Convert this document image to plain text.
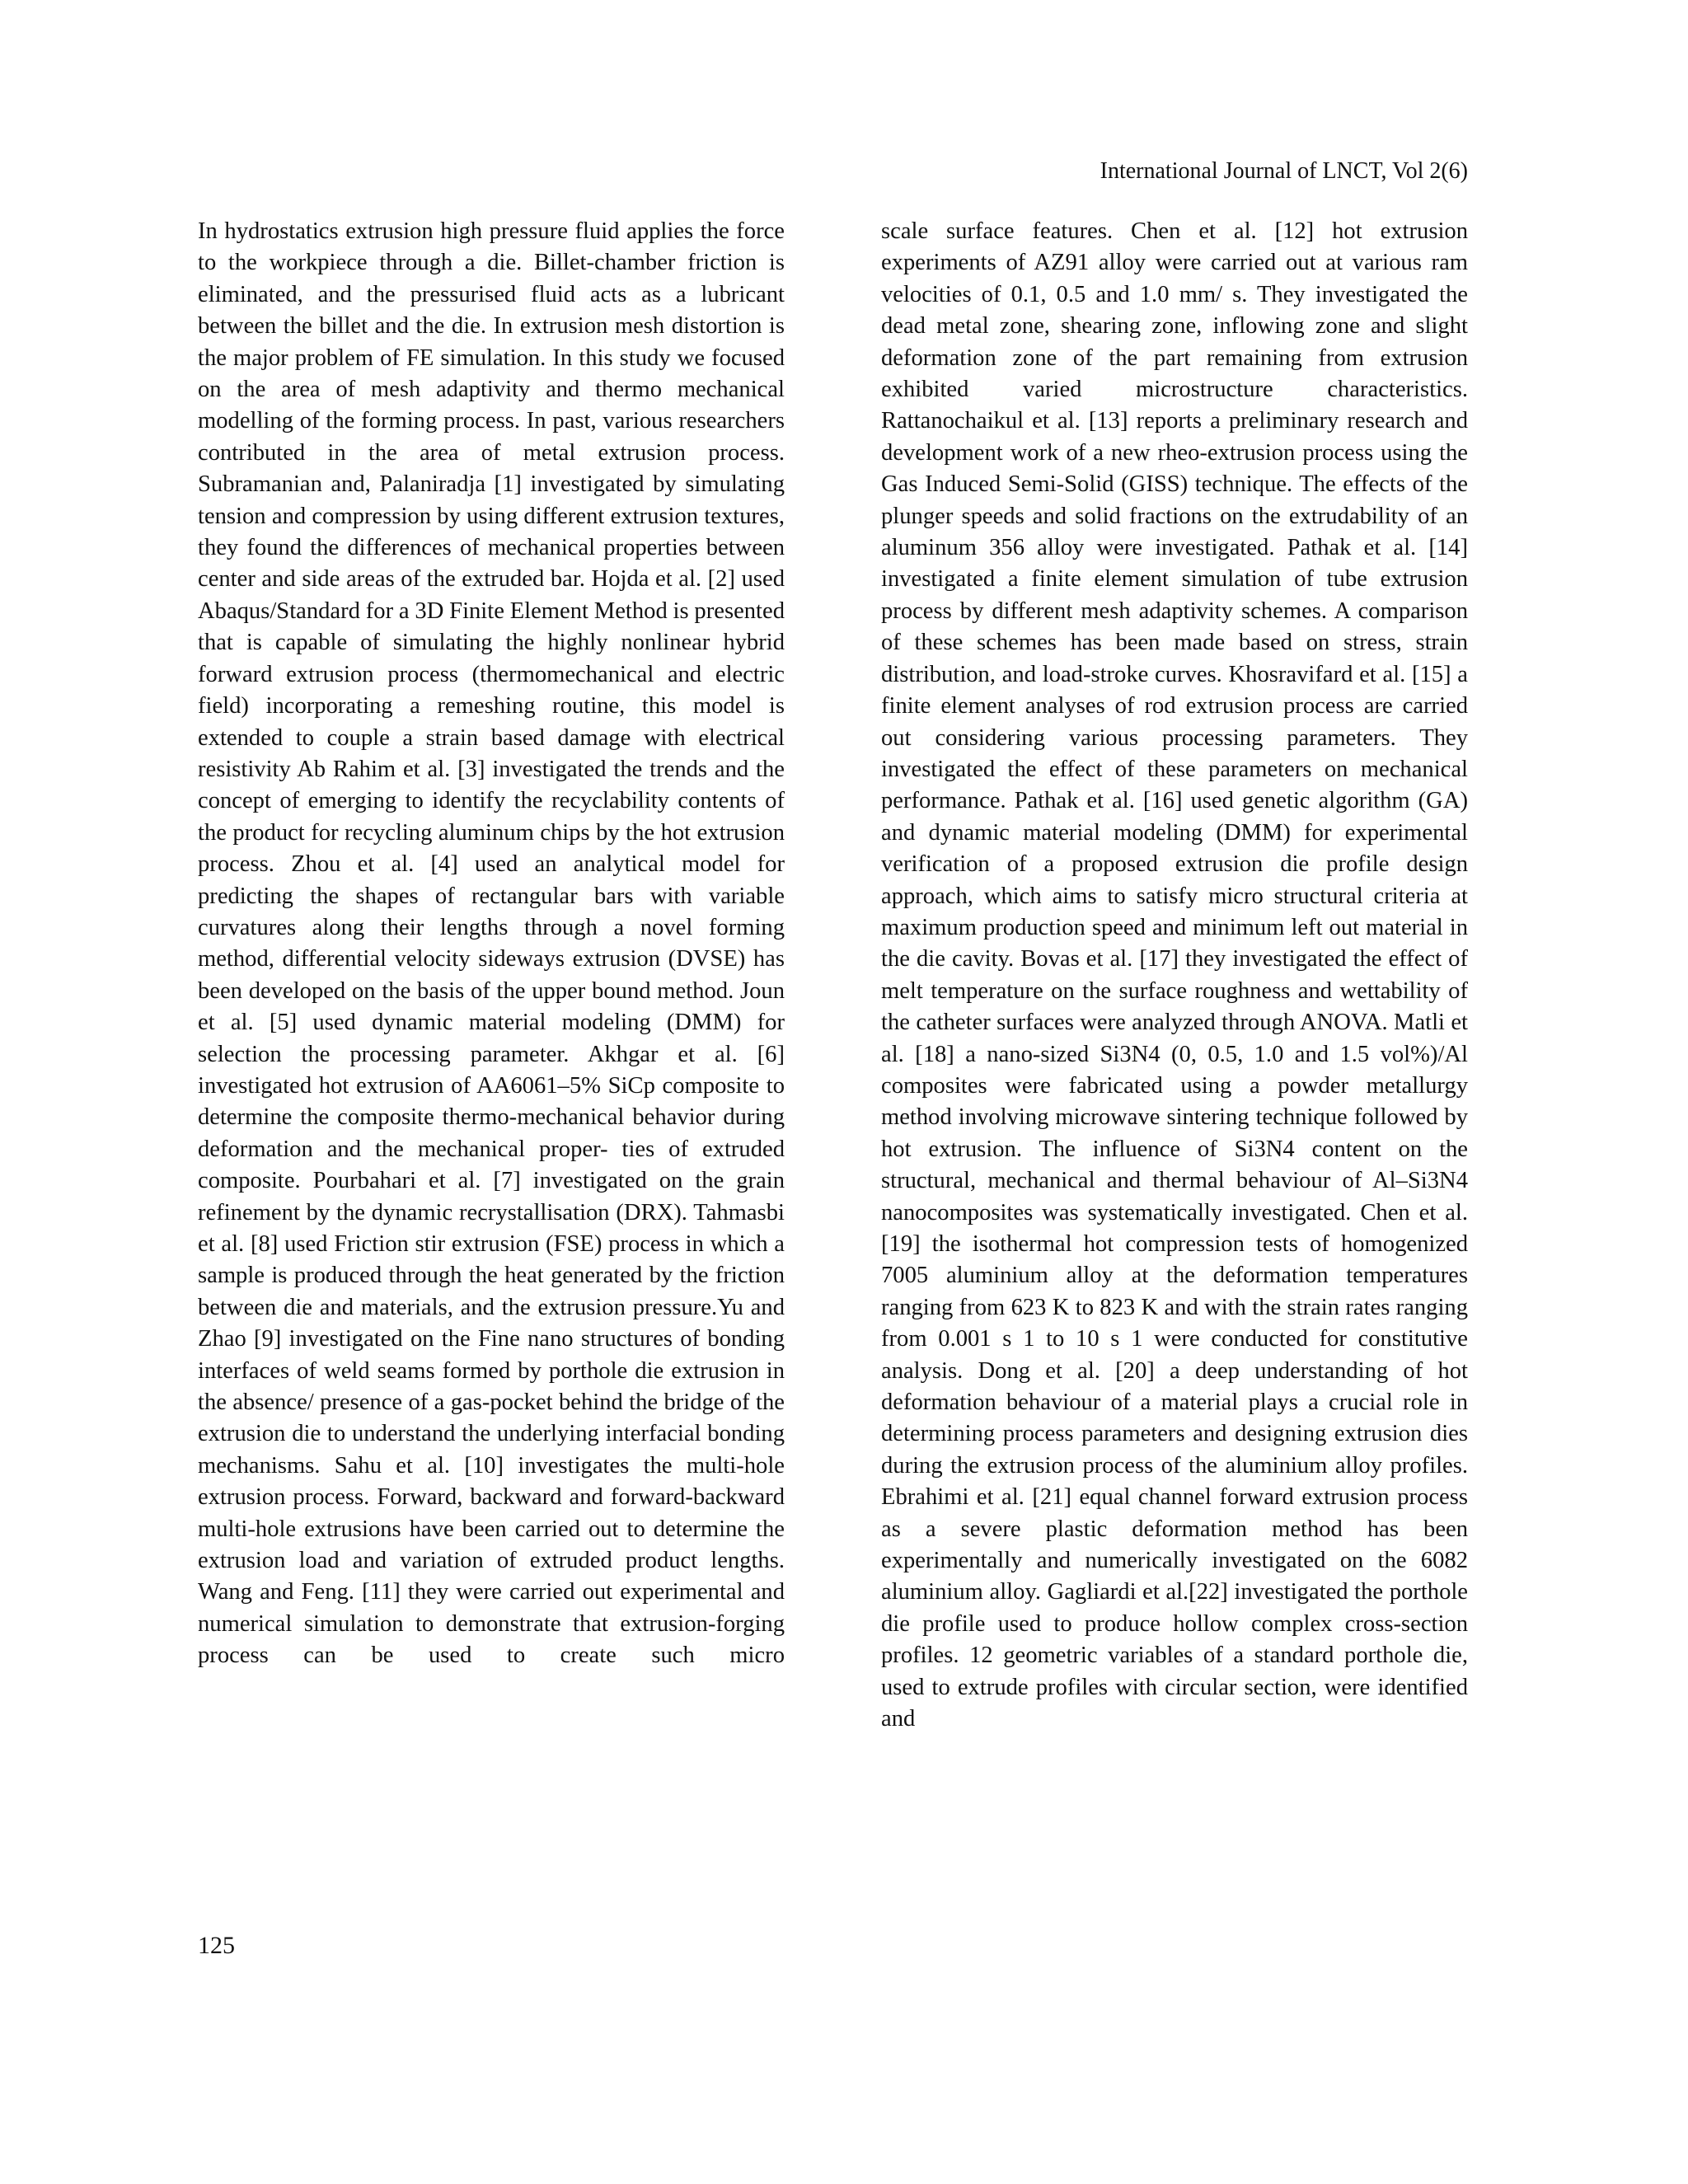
International Journal of LNCT, Vol 2(6)

In hydrostatics extrusion high pressure fluid applies the force to the workpiece through a die. Billet-chamber friction is eliminated, and the pressurised fluid acts as a lubricant between the billet and the die. In extrusion mesh distortion is the major problem of FE simulation. In this study we focused on the area of mesh adaptivity and thermo mechanical modelling of the forming process. In past, various researchers contributed in the area of metal extrusion process. Subramanian and, Palaniradja [1] investigated by simulating tension and compression by using different extrusion textures, they found the differences of mechanical properties between center and side areas of the extruded bar. Hojda et al. [2] used Abaqus/Standard for a 3D Finite Element Method is presented that is capable of simulating the highly nonlinear hybrid forward extrusion process (thermomechanical and electric field) incorporating a remeshing routine, this model is extended to couple a strain based damage with electrical resistivity Ab Rahim et al. [3] investigated the trends and the concept of emerging to identify the recyclability contents of the product for recycling aluminum chips by the hot extrusion process. Zhou et al. [4] used an analytical model for predicting the shapes of rectangular bars with variable curvatures along their lengths through a novel forming method, differential velocity sideways extrusion (DVSE) has been developed on the basis of the upper bound method. Joun et al. [5] used dynamic material modeling (DMM) for selection the processing parameter. Akhgar et al. [6] investigated hot extrusion of AA6061–5% SiCp composite to determine the composite thermo-mechanical behavior during deformation and the mechanical proper- ties of extruded composite. Pourbahari et al. [7] investigated on the grain refinement by the dynamic recrystallisation (DRX). Tahmasbi et al. [8] used Friction stir extrusion (FSE) process in which a sample is produced through the heat generated by the friction between die and materials, and the extrusion pressure.Yu and Zhao [9] investigated on the Fine nano structures of bonding interfaces of weld seams formed by porthole die extrusion in the absence/ presence of a gas-pocket behind the bridge of the extrusion die to understand the underlying interfacial bonding mechanisms. Sahu et al. [10] investigates the multi-hole extrusion process. Forward, backward and forward-backward multi-hole extrusions have been carried out to determine the extrusion load and variation of extruded product lengths. Wang and Feng. [11] they were carried out experimental and numerical simulation to demonstrate that extrusion-forging process can be used to create such micro

scale surface features. Chen et al. [12] hot extrusion experiments of AZ91 alloy were carried out at various ram velocities of 0.1, 0.5 and 1.0 mm/ s. They investigated the dead metal zone, shearing zone, inflowing zone and slight deformation zone of the part remaining from extrusion exhibited varied microstructure characteristics. Rattanochaikul et al. [13] reports a preliminary research and development work of a new rheo-extrusion process using the Gas Induced Semi-Solid (GISS) technique. The effects of the plunger speeds and solid fractions on the extrudability of an aluminum 356 alloy were investigated. Pathak et al. [14] investigated a finite element simulation of tube extrusion process by different mesh adaptivity schemes. A comparison of these schemes has been made based on stress, strain distribution, and load-stroke curves. Khosravifard et al. [15] a finite element analyses of rod extrusion process are carried out considering various processing parameters. They investigated the effect of these parameters on mechanical performance. Pathak et al. [16] used genetic algorithm (GA) and dynamic material modeling (DMM) for experimental verification of a proposed extrusion die profile design approach, which aims to satisfy micro structural criteria at maximum production speed and minimum left out material in the die cavity. Bovas et al. [17] they investigated the effect of melt temperature on the surface roughness and wettability of the catheter surfaces were analyzed through ANOVA. Matli et al. [18] a nano-sized Si3N4 (0, 0.5, 1.0 and 1.5 vol%)/Al composites were fabricated using a powder metallurgy method involving microwave sintering technique followed by hot extrusion. The influence of Si3N4 content on the structural, mechanical and thermal behaviour of Al–Si3N4 nanocomposites was systematically investigated. Chen et al. [19] the isothermal hot compression tests of homogenized 7005 aluminium alloy at the deformation temperatures ranging from 623 K to 823 K and with the strain rates ranging from 0.001 s 1 to 10 s 1 were conducted for constitutive analysis. Dong et al. [20] a deep understanding of hot deformation behaviour of a material plays a crucial role in determining process parameters and designing extrusion dies during the extrusion process of the aluminium alloy profiles. Ebrahimi et al. [21] equal channel forward extrusion process as a severe plastic deformation method has been experimentally and numerically investigated on the 6082 aluminium alloy. Gagliardi et al.[22] investigated the porthole die profile used to produce hollow complex cross-section profiles. 12 geometric variables of a standard porthole die, used to extrude profiles with circular section, were identified and

125
